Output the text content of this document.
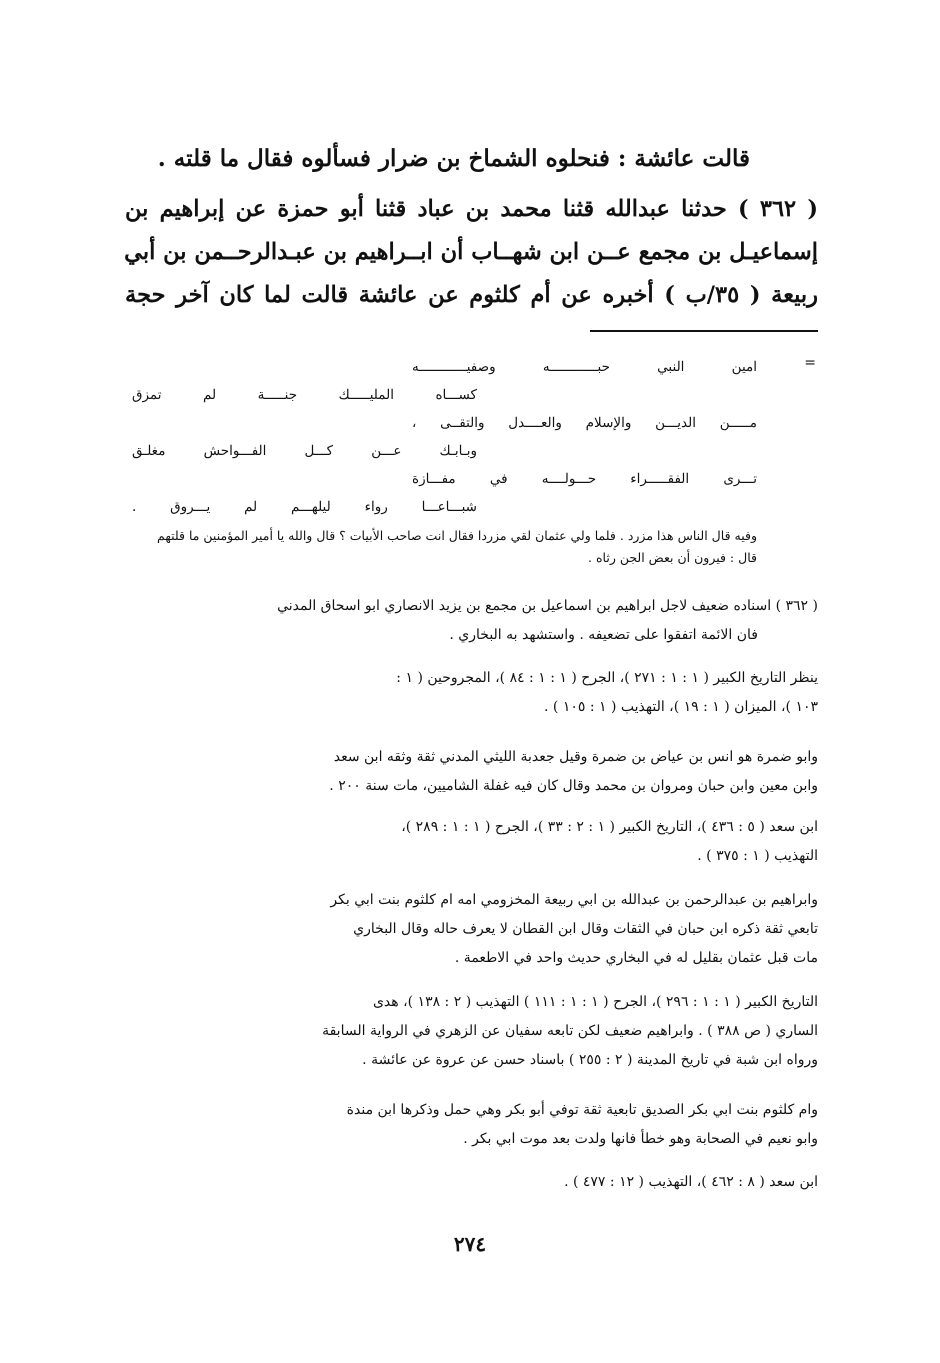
قالت عائشة : فنحلوه الشماخ بن ضرار فسألوه فقال ما قلته .
( ٣٦٢ ) حدثنا عبدالله قثنا محمد بن عباد قثنا أبو حمزة عن إبراهيم بن
إسماعيـل بن مجمع عــن ابن شهــاب أن ابــراهيم بن عبـدالرحــمن بن أبي
ربيعة ( ٣٥/ب ) أخبره عن أم كلثوم عن عائشة قالت لما كان آخر حجة
=
امين النبي حبــــــــــــه وصفيــــــــــــه
كســـاه المليـــــك جنـــــة لم تمزق
مـــــن الديـــن والإسلام والعــــدل والتقــى ،
وبـابـك عـــن كـــل الفـــواحش مغلـق
تـــرى الفقـــــراء حـــولــــه في مفـــازة
شبـــاعـــا رواء ليلهـــم لم يـــروق .
وفيه قال الناس هذا مزرد . فلما ولي عثمان لقي مزردا فقال انت صاحب الأبيات ؟ قال والله يا أمير المؤمنين ما قلتهم
قال : فيرون أن بعض الجن رثاه .
( ٣٦٢ ) اسناده ضعيف لاجل ابراهيم بن اسماعيل بن مجمع بن يزيد الانصاري ابو اسحاق المدني
فان الائمة اتفقوا على تضعيفه . واستشهد به البخاري .
ينظر التاريخ الكبير ( ١ : ١ : ٢٧١ )، الجرح ( ١ : ١ : ٨٤ )، المجروحين ( ١ :
١٠٣ )، الميزان ( ١ : ١٩ )، التهذيب ( ١ : ١٠٥ ) .
وابو ضمرة هو انس بن عياض بن ضمرة وقيل جعدبة الليثي المدني ثقة وثقه ابن سعد
وابن معين وابن حبان ومروان بن محمد وقال كان فيه غفلة الشاميين، مات سنة ٢٠٠ .
ابن سعد ( ٥ : ٤٣٦ )، التاريخ الكبير ( ١ : ٢ : ٣٣ )، الجرح ( ١ : ١ : ٢٨٩ )،
التهذيب ( ١ : ٣٧٥ ) .
وابراهيم بن عبدالرحمن بن عبدالله بن ابي ربيعة المخزومي امه ام كلثوم بنت ابي بكر
تابعي ثقة ذكره ابن حبان في الثقات وقال ابن القطان لا يعرف حاله وقال البخاري
مات قبل عثمان بقليل له في البخاري حديث واحد في الاطعمة .
التاريخ الكبير ( ١ : ١ : ٢٩٦ )، الجرح ( ١ : ١ : ١١١ ) التهذيب ( ٢ : ١٣٨ )، هدى
الساري ( ص ٣٨٨ ) . وابراهيم ضعيف لكن تابعه سفيان عن الزهري في الرواية السابقة
ورواه ابن شبة في تاريخ المدينة ( ٢ : ٢٥٥ ) باسناد حسن عن عروة عن عائشة .
وام كلثوم بنت ابي بكر الصديق تابعية ثقة توفي أبو بكر وهي حمل وذكرها ابن مندة
وابو نعيم في الصحابة وهو خطأ فانها ولدت بعد موت ابي بكر .
ابن سعد ( ٨ : ٤٦٢ )، التهذيب ( ١٢ : ٤٧٧ ) .
٢٧٤
